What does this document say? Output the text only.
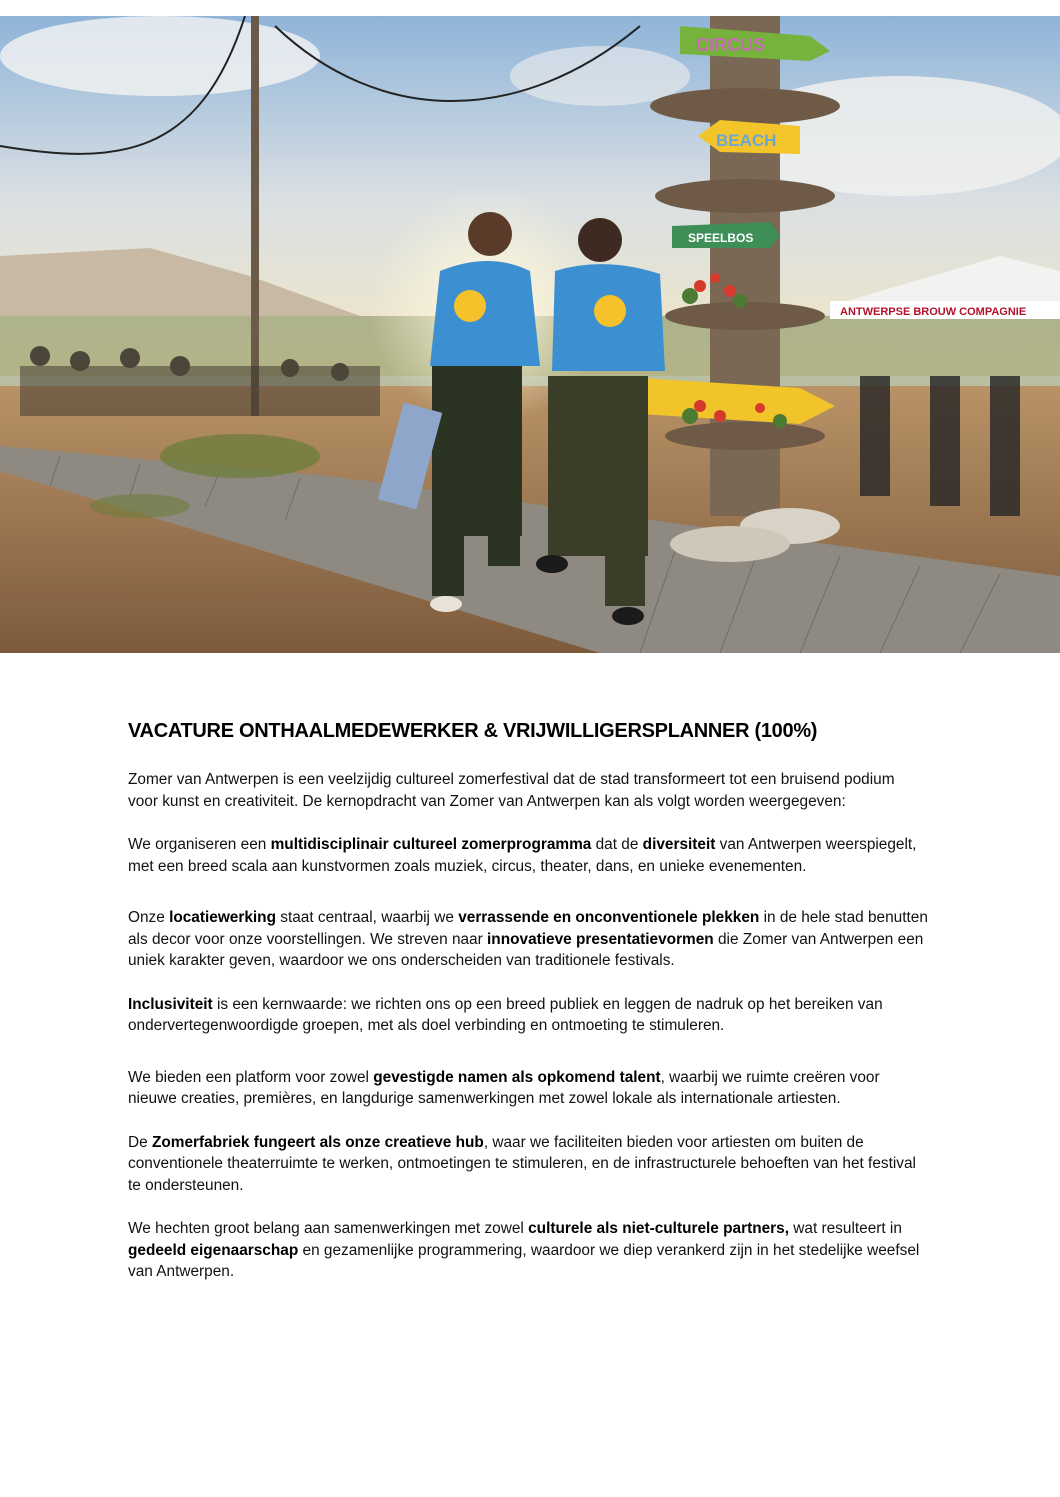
ANTWERPSE BROUW COMPAGNIE
CIRCUS
BEACH
SPEELBOS
VACATURE ONTHAALMEDEWERKER & VRIJWILLIGERSPLANNER (100%)

Zomer van Antwerpen is een veelzijdig cultureel zomerfestival dat de stad transformeert tot een bruisend podium voor kunst en creativiteit. De kernopdracht van Zomer van Antwerpen kan als volgt worden weergegeven:

We organiseren een multidisciplinair cultureel zomerprogramma dat de diversiteit van Antwerpen weerspiegelt, met een breed scala aan kunstvormen zoals muziek, circus, theater, dans, en unieke evenementen.

Onze locatiewerking staat centraal, waarbij we verrassende en onconventionele plekken in de hele stad benutten als decor voor onze voorstellingen. We streven naar innovatieve presentatievormen die Zomer van Antwerpen een uniek karakter geven, waardoor we ons onderscheiden van traditionele festivals.

Inclusiviteit is een kernwaarde: we richten ons op een breed publiek en leggen de nadruk op het bereiken van ondervertegenwoordigde groepen, met als doel verbinding en ontmoeting te stimuleren.

We bieden een platform voor zowel gevestigde namen als opkomend talent, waarbij we ruimte creëren voor nieuwe creaties, premières, en langdurige samenwerkingen met zowel lokale als internationale artiesten.

De Zomerfabriek fungeert als onze creatieve hub, waar we faciliteiten bieden voor artiesten om buiten de conventionele theaterruimte te werken, ontmoetingen te stimuleren, en de infrastructurele behoeften van het festival te ondersteunen.

We hechten groot belang aan samenwerkingen met zowel culturele als niet-culturele partners, wat resulteert in gedeeld eigenaarschap en gezamenlijke programmering, waardoor we diep verankerd zijn in het stedelijke weefsel van Antwerpen.
